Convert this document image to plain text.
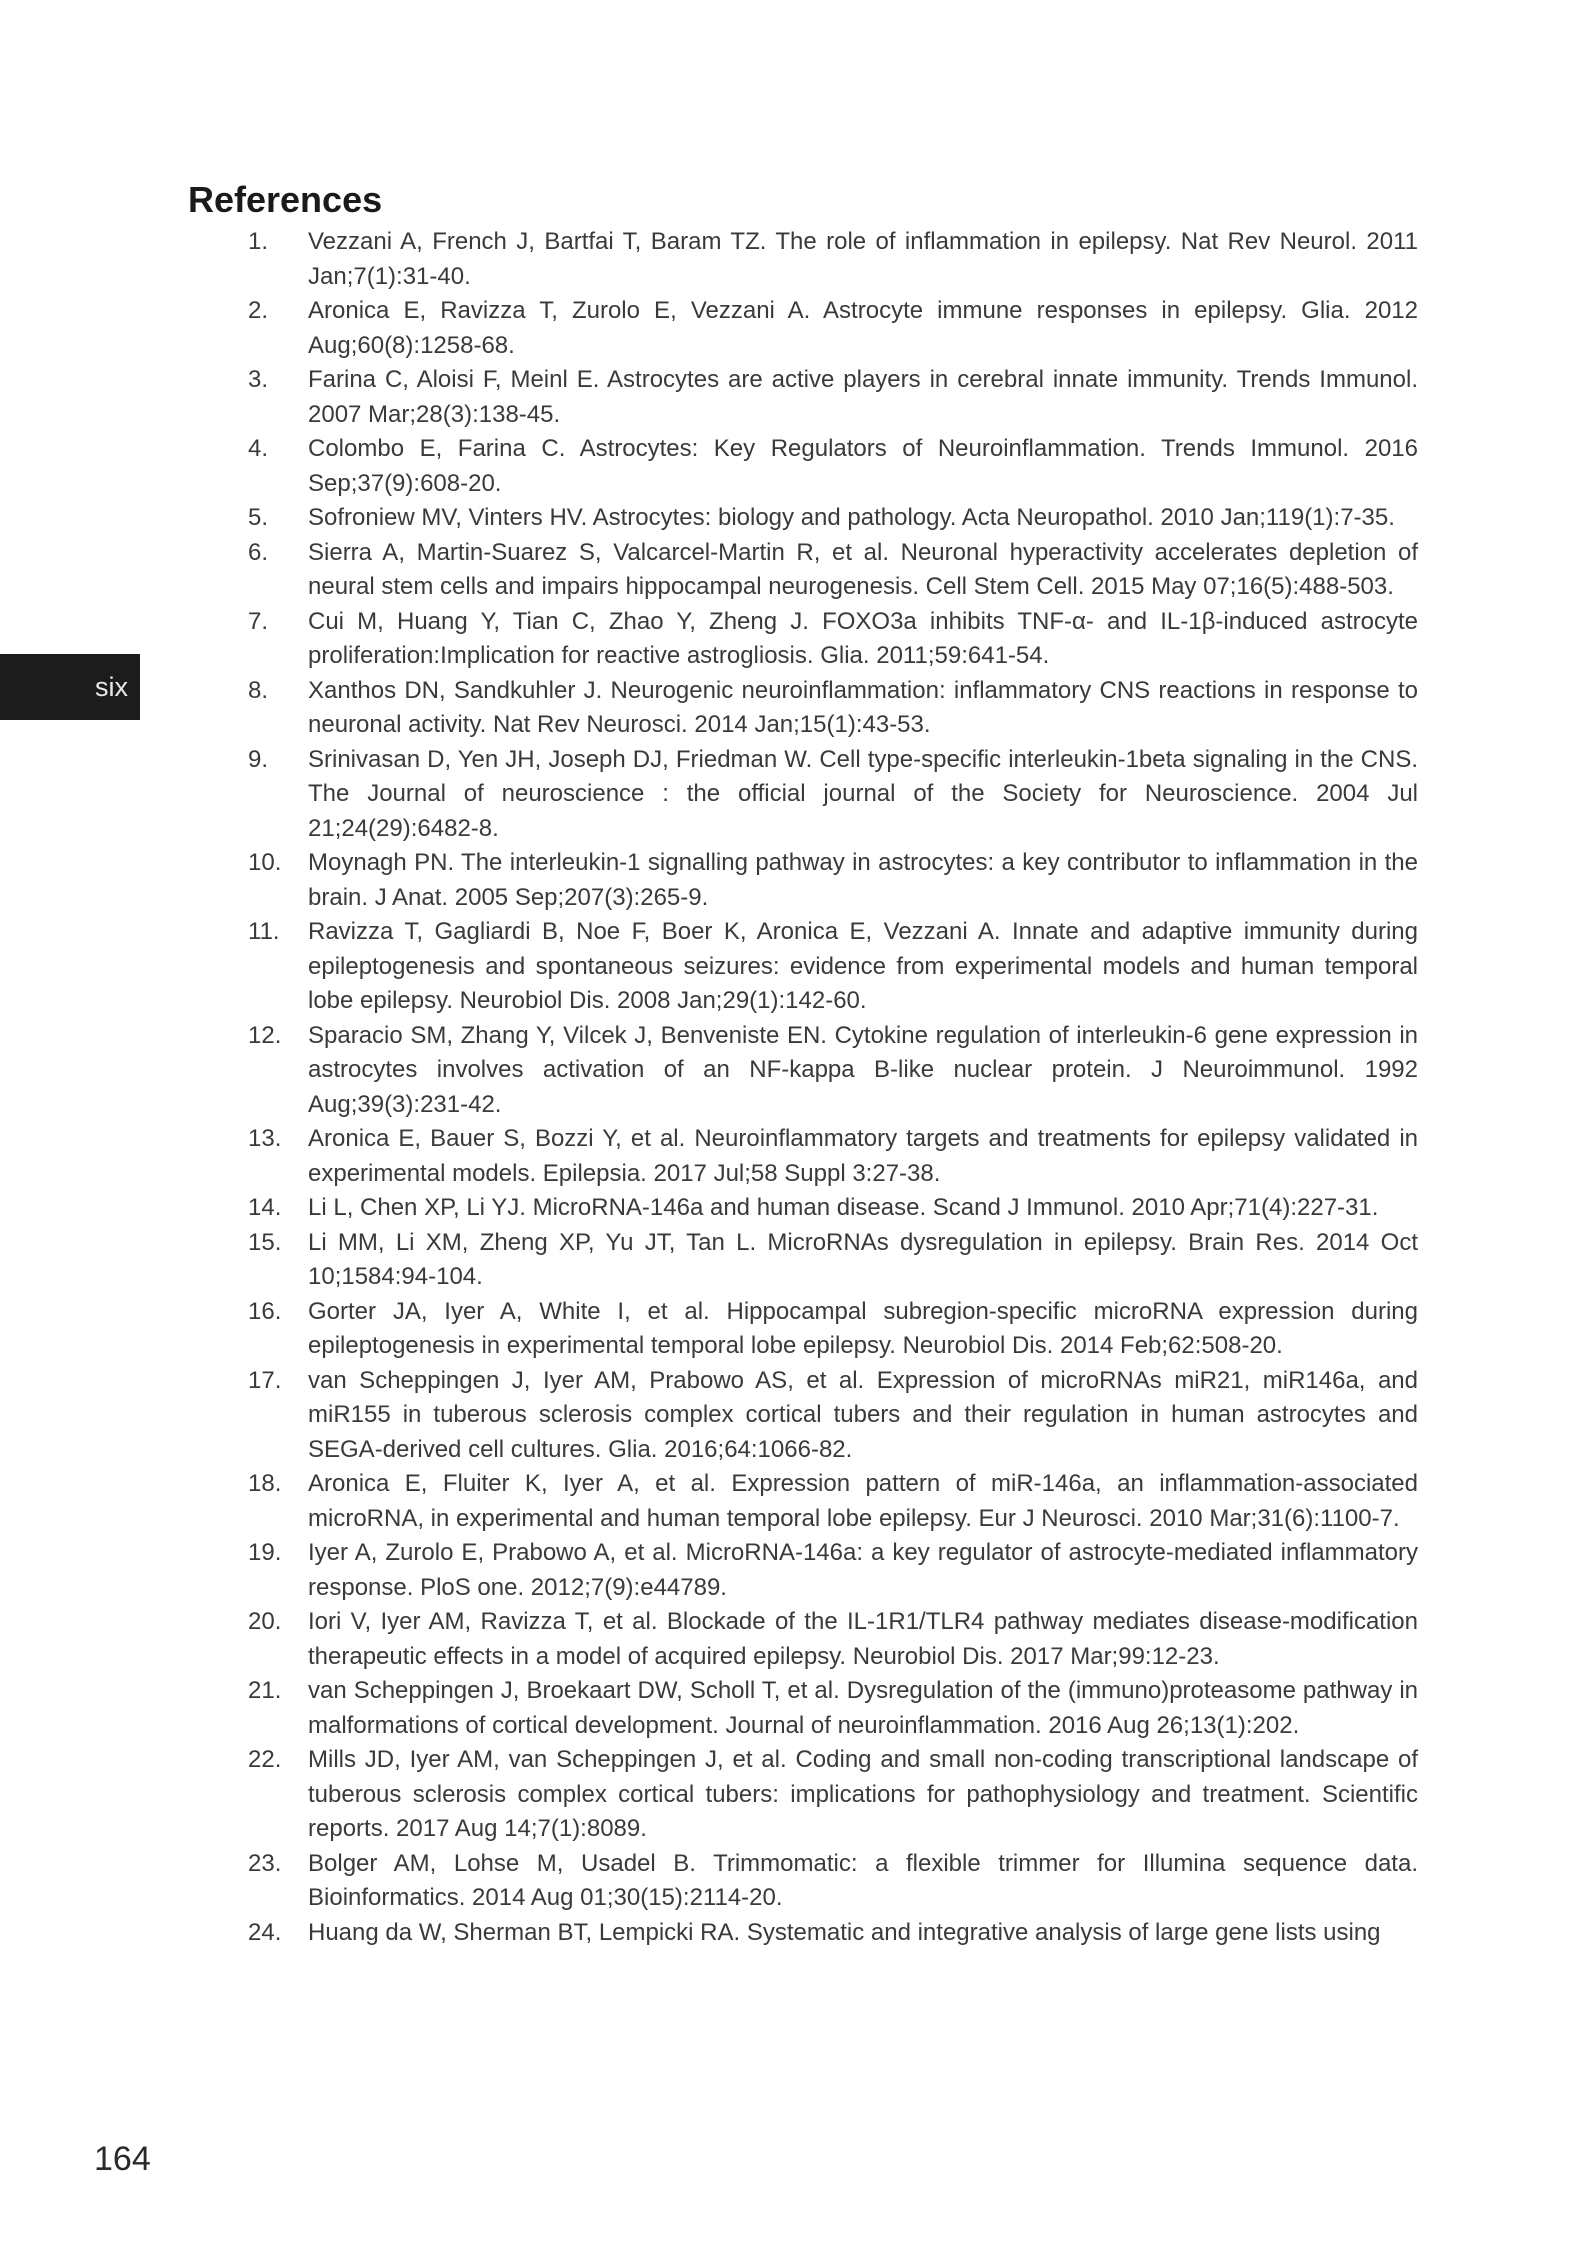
References
1.	Vezzani A, French J, Bartfai T, Baram TZ. The role of inflammation in epilepsy. Nat Rev Neurol. 2011 Jan;7(1):31-40.
2.	Aronica E, Ravizza T, Zurolo E, Vezzani A. Astrocyte immune responses in epilepsy. Glia. 2012 Aug;60(8):1258-68.
3.	Farina C, Aloisi F, Meinl E. Astrocytes are active players in cerebral innate immunity. Trends Immunol. 2007 Mar;28(3):138-45.
4.	Colombo E, Farina C. Astrocytes: Key Regulators of Neuroinflammation. Trends Immunol. 2016 Sep;37(9):608-20.
5.	Sofroniew MV, Vinters HV. Astrocytes: biology and pathology. Acta Neuropathol. 2010 Jan;119(1):7-35.
6.	Sierra A, Martin-Suarez S, Valcarcel-Martin R, et al. Neuronal hyperactivity accelerates depletion of neural stem cells and impairs hippocampal neurogenesis. Cell Stem Cell. 2015 May 07;16(5):488-503.
7.	Cui M, Huang Y, Tian C, Zhao Y, Zheng J. FOXO3a inhibits TNF-α- and IL-1β-induced astrocyte proliferation:Implication for reactive astrogliosis. Glia. 2011;59:641-54.
8.	Xanthos DN, Sandkuhler J. Neurogenic neuroinflammation: inflammatory CNS reactions in response to neuronal activity. Nat Rev Neurosci. 2014 Jan;15(1):43-53.
9.	Srinivasan D, Yen JH, Joseph DJ, Friedman W. Cell type-specific interleukin-1beta signaling in the CNS. The Journal of neuroscience : the official journal of the Society for Neuroscience. 2004 Jul 21;24(29):6482-8.
10.	Moynagh PN. The interleukin-1 signalling pathway in astrocytes: a key contributor to inflammation in the brain. J Anat. 2005 Sep;207(3):265-9.
11.	Ravizza T, Gagliardi B, Noe F, Boer K, Aronica E, Vezzani A. Innate and adaptive immunity during epileptogenesis and spontaneous seizures: evidence from experimental models and human temporal lobe epilepsy. Neurobiol Dis. 2008 Jan;29(1):142-60.
12.	Sparacio SM, Zhang Y, Vilcek J, Benveniste EN. Cytokine regulation of interleukin-6 gene expression in astrocytes involves activation of an NF-kappa B-like nuclear protein. J Neuroimmunol. 1992 Aug;39(3):231-42.
13.	Aronica E, Bauer S, Bozzi Y, et al. Neuroinflammatory targets and treatments for epilepsy validated in experimental models. Epilepsia. 2017 Jul;58 Suppl 3:27-38.
14.	Li L, Chen XP, Li YJ. MicroRNA-146a and human disease. Scand J Immunol. 2010 Apr;71(4):227-31.
15.	Li MM, Li XM, Zheng XP, Yu JT, Tan L. MicroRNAs dysregulation in epilepsy. Brain Res. 2014 Oct 10;1584:94-104.
16.	Gorter JA, Iyer A, White I, et al. Hippocampal subregion-specific microRNA expression during epileptogenesis in experimental temporal lobe epilepsy. Neurobiol Dis. 2014 Feb;62:508-20.
17.	van Scheppingen J, Iyer AM, Prabowo AS, et al. Expression of microRNAs miR21, miR146a, and miR155 in tuberous sclerosis complex cortical tubers and their regulation in human astrocytes and SEGA-derived cell cultures. Glia. 2016;64:1066-82.
18.	Aronica E, Fluiter K, Iyer A, et al. Expression pattern of miR-146a, an inflammation-associated microRNA, in experimental and human temporal lobe epilepsy. Eur J Neurosci. 2010 Mar;31(6):1100-7.
19.	Iyer A, Zurolo E, Prabowo A, et al. MicroRNA-146a: a key regulator of astrocyte-mediated inflammatory response. PloS one. 2012;7(9):e44789.
20.	Iori V, Iyer AM, Ravizza T, et al. Blockade of the IL-1R1/TLR4 pathway mediates disease-modification therapeutic effects in a model of acquired epilepsy. Neurobiol Dis. 2017 Mar;99:12-23.
21.	van Scheppingen J, Broekaart DW, Scholl T, et al. Dysregulation of the (immuno)proteasome pathway in malformations of cortical development. Journal of neuroinflammation. 2016 Aug 26;13(1):202.
22.	Mills JD, Iyer AM, van Scheppingen J, et al. Coding and small non-coding transcriptional landscape of tuberous sclerosis complex cortical tubers: implications for pathophysiology and treatment. Scientific reports. 2017 Aug 14;7(1):8089.
23.	Bolger AM, Lohse M, Usadel B. Trimmomatic: a flexible trimmer for Illumina sequence data. Bioinformatics. 2014 Aug 01;30(15):2114-20.
24.	Huang da W, Sherman BT, Lempicki RA. Systematic and integrative analysis of large gene lists using
six
164
